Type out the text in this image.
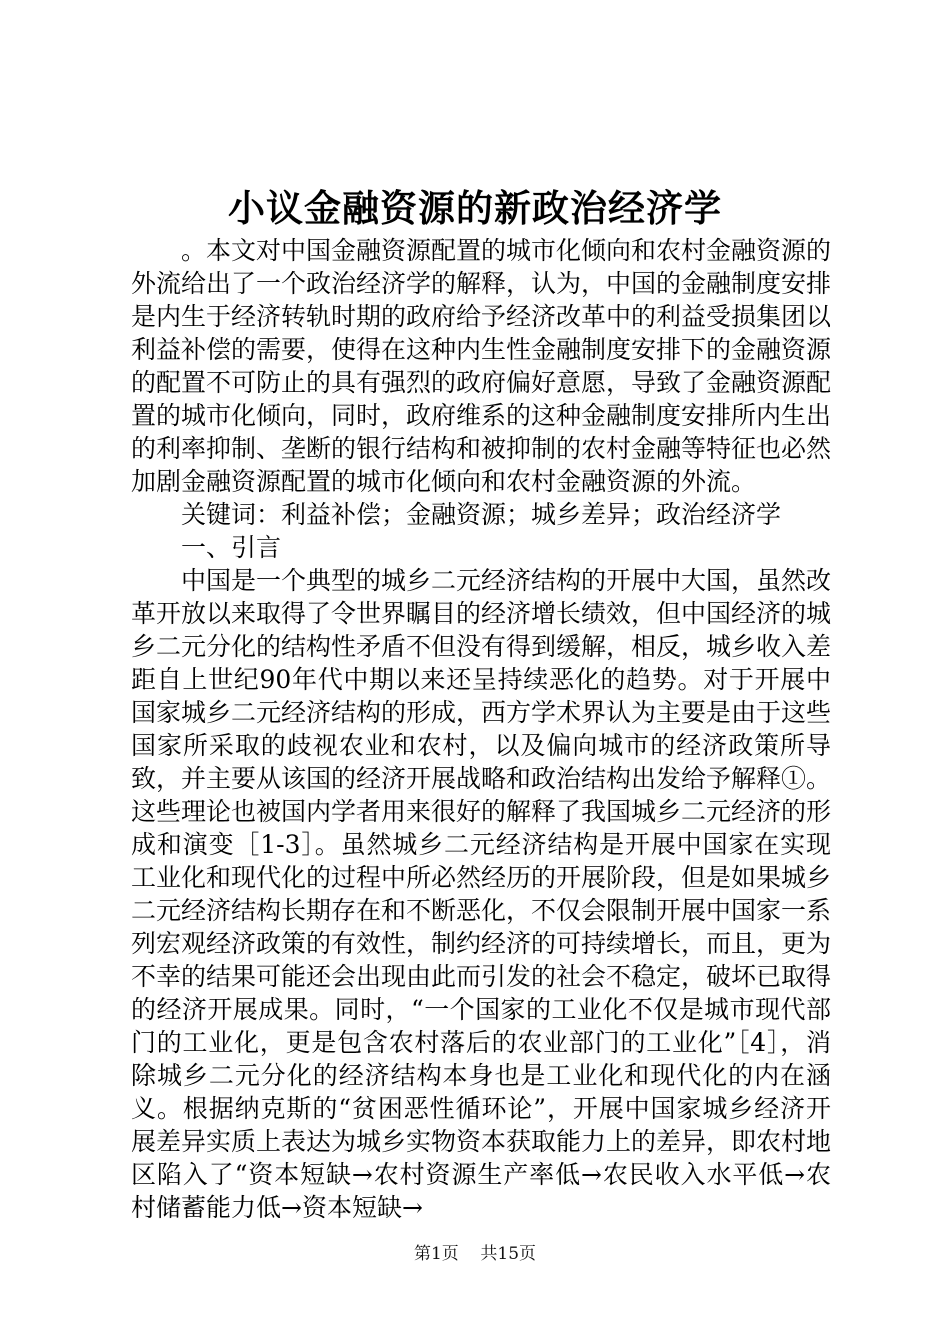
小议金融资源的新政治经济学

。本文对中国金融资源配置的城市化倾向和农村金融资源的外流给出了一个政治经济学的解释，认为，中国的金融制度安排是内生于经济转轨时期的政府给予经济改革中的利益受损集团以利益补偿的需要，使得在这种内生性金融制度安排下的金融资源的配置不可防止的具有强烈的政府偏好意愿，导致了金融资源配置的城市化倾向，同时，政府维系的这种金融制度安排所内生出的利率抑制、垄断的银行结构和被抑制的农村金融等特征也必然加剧金融资源配置的城市化倾向和农村金融资源的外流。

关键词：利益补偿；金融资源；城乡差异；政治经济学

一、引言

中国是一个典型的城乡二元经济结构的开展中大国，虽然改革开放以来取得了令世界瞩目的经济增长绩效，但中国经济的城乡二元分化的结构性矛盾不但没有得到缓解，相反，城乡收入差距自上世纪90年代中期以来还呈持续恶化的趋势。对于开展中国家城乡二元经济结构的形成，西方学术界认为主要是由于这些国家所采取的歧视农业和农村，以及偏向城市的经济政策所导致，并主要从该国的经济开展战略和政治结构出发给予解释①。这些理论也被国内学者用来很好的解释了我国城乡二元经济的形成和演变［1-3］。虽然城乡二元经济结构是开展中国家在实现工业化和现代化的过程中所必然经历的开展阶段，但是如果城乡二元经济结构长期存在和不断恶化，不仅会限制开展中国家一系列宏观经济政策的有效性，制约经济的可持续增长，而且，更为不幸的结果可能还会出现由此而引发的社会不稳定，破坏已取得的经济开展成果。同时，“一个国家的工业化不仅是城市现代部门的工业化，更是包含农村落后的农业部门的工业化”［4］，消除城乡二元分化的经济结构本身也是工业化和现代化的内在涵义。根据纳克斯的“贫困恶性循环论”，开展中国家城乡经济开展差异实质上表达为城乡实物资本获取能力上的差异，即农村地区陷入了“资本短缺→农村资源生产率低→农民收入水平低→农村储蓄能力低→资本短缺→

第1页 共15页
